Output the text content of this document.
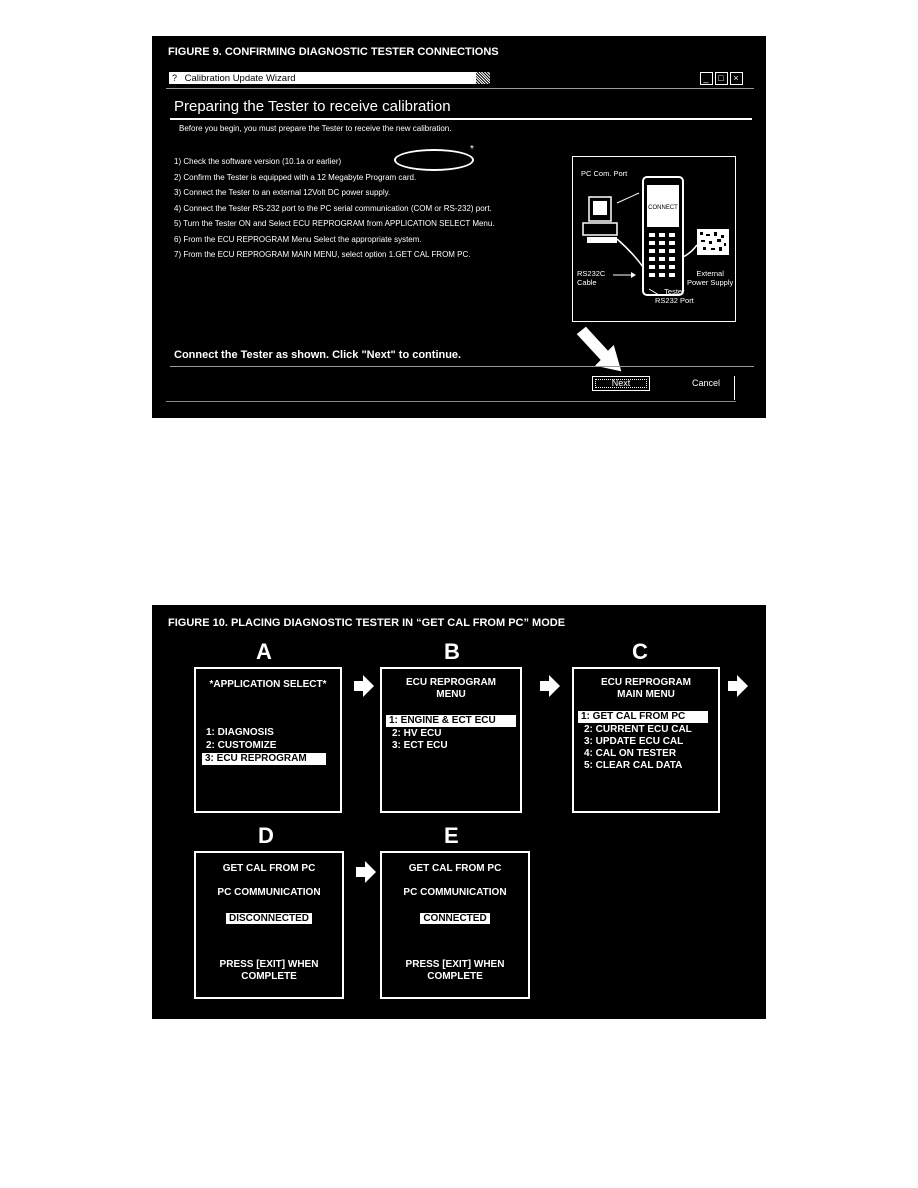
FIGURE 9. CONFIRMING DIAGNOSTIC TESTER CONNECTIONS
? Calibration Update Wizard	_ □ ×
Preparing the Tester to receive calibration
Before you begin, you must prepare the Tester to receive the new calibration.
1) Check the software version (10.1a or earlier)
2) Confirm the Tester is equipped with a 12 Megabyte Program card.
3) Connect the Tester to an external 12Volt DC power supply.
4) Connect the Tester RS-232 port to the PC serial communication (COM or RS-232) port.
5) Turn the Tester ON and Select ECU REPROGRAM from APPLICATION SELECT Menu.
6) From the ECU REPROGRAM Menu Select the appropriate system.
7) From the ECU REPROGRAM MAIN MENU, select option 1.GET CAL FROM PC.
*
CONNECT
PC Com. Port
RS232C
Cable
Tester
RS232 Port
External
Power Supply
Connect the Tester as shown. Click "Next" to continue.
Next	Cancel
FIGURE 10. PLACING DIAGNOSTIC TESTER IN “GET CAL FROM PC” MODE
A
*APPLICATION SELECT*
1: DIAGNOSIS
2: CUSTOMIZE
3: ECU REPROGRAM
B
ECU REPROGRAM
MENU
1: ENGINE & ECT ECU
2: HV ECU
3: ECT ECU
C
ECU REPROGRAM
MAIN MENU
1: GET CAL FROM PC
2: CURRENT ECU CAL
3: UPDATE ECU CAL
4: CAL ON TESTER
5: CLEAR CAL DATA
D
GET CAL FROM PC
PC COMMUNICATION
DISCONNECTED
PRESS [EXIT] WHEN
COMPLETE
E
GET CAL FROM PC
PC COMMUNICATION
CONNECTED
PRESS [EXIT] WHEN
COMPLETE
